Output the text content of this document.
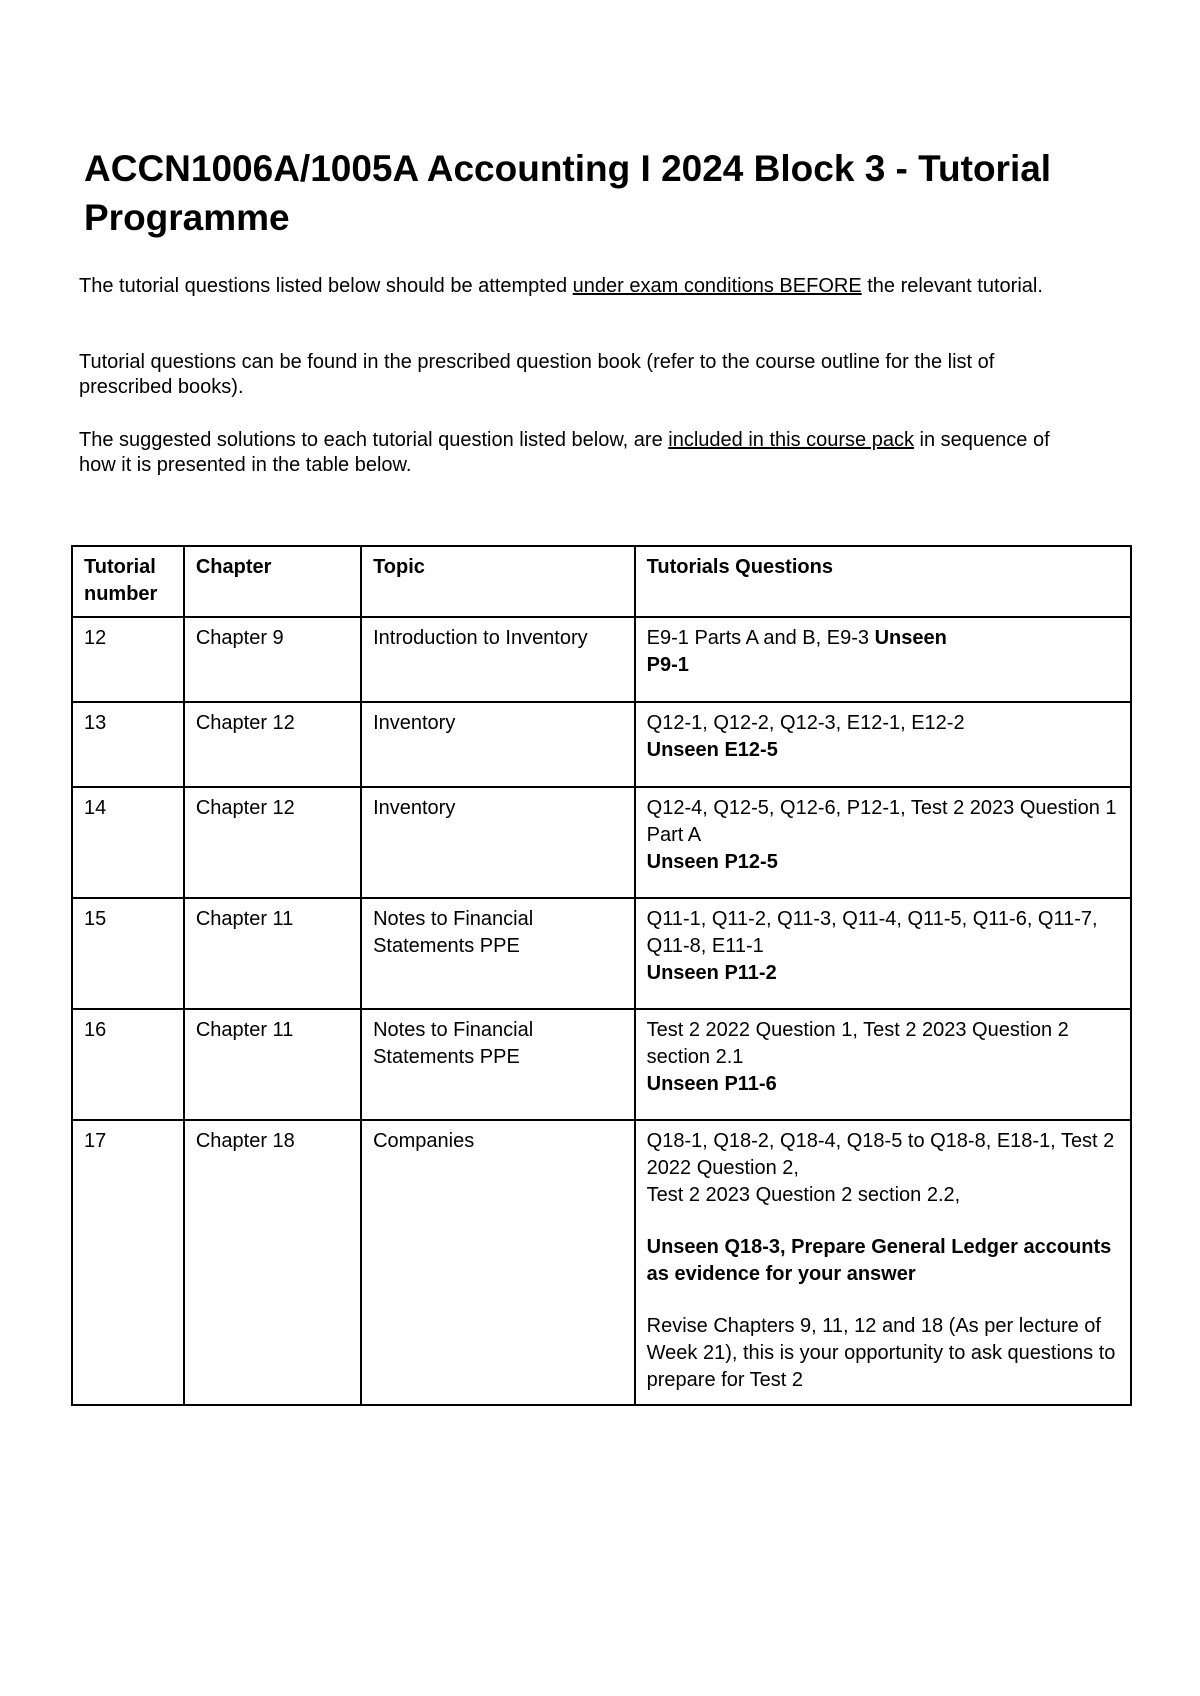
ACCN1006A/1005A Accounting I 2024 Block 3 - Tutorial Programme

The tutorial questions listed below should be attempted under exam conditions BEFORE the relevant tutorial.

Tutorial questions can be found in the prescribed question book (refer to the course outline for the list of prescribed books).

The suggested solutions to each tutorial question listed below, are included in this course pack in sequence of how it is presented in the table below.

Tutorial number	Chapter	Topic	Tutorials Questions
12	Chapter 9	Introduction to Inventory	E9-1 Parts A and B, E9-3 Unseen
P9-1

13	Chapter 12	Inventory	Q12-1, Q12-2, Q12-3, E12-1, E12-2
Unseen E12-5

14	Chapter 12	Inventory	Q12-4, Q12-5, Q12-6, P12-1, Test 2 2023 Question 1 Part A
Unseen P12-5

15	Chapter 11	Notes to Financial Statements PPE	Q11-1, Q11-2, Q11-3, Q11-4, Q11-5, Q11-6, Q11-7, Q11-8, E11-1
Unseen P11-2

16	Chapter 11	Notes to Financial Statements PPE	Test 2 2022 Question 1, Test 2 2023 Question 2 section 2.1
Unseen P11-6

17	Chapter 18	Companies	Q18-1, Q18-2, Q18-4, Q18-5 to Q18-8, E18-1, Test 2 2022 Question 2,
Test 2 2023 Question 2 section 2.2,
Unseen Q18-3, Prepare General Ledger accounts as evidence for your answer
Revise Chapters 9, 11, 12 and 18 (As per lecture of Week 21), this is your opportunity to ask questions to prepare for Test 2
